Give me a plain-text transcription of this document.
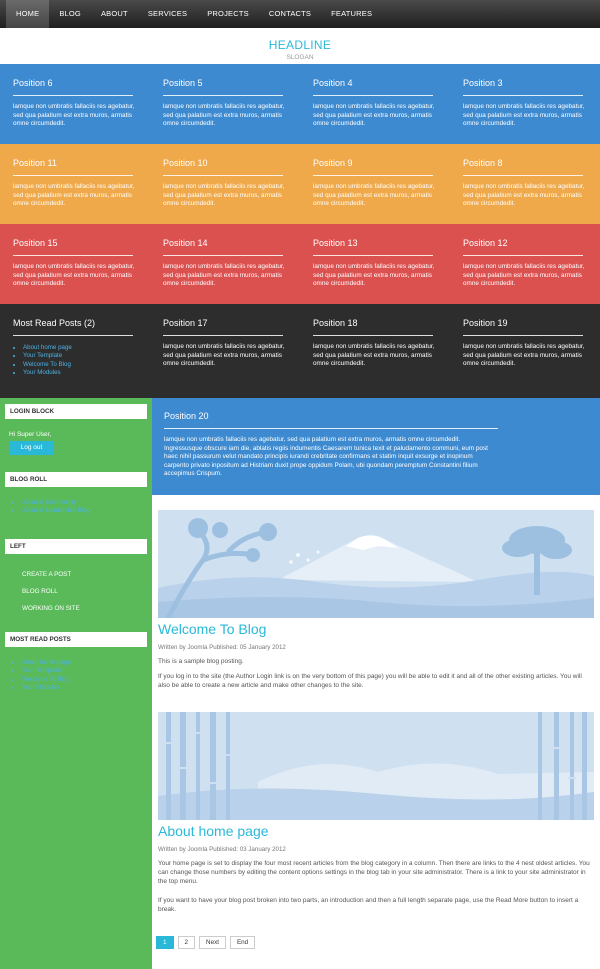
HOME	BLOG	ABOUT	SERVICES	PROJECTS	CONTACTS	FEATURES
HEADLINE
SLOGAN
Position 6
lamque non umbratis fallaciis res agebatur, sed qua palatium est extra muros, armatis omne circumdedit.
Position 5
lamque non umbratis fallaciis res agebatur, sed qua palatium est extra muros, armatis omne circumdedit.
Position 4
lamque non umbratis fallaciis res agebatur, sed qua palatium est extra muros, armatis omne circumdedit.
Position 3
lamque non umbratis fallaciis res agebatur, sed qua palatium est extra muros, armatis omne circumdedit.
Position 11
lamque non umbratis fallaciis res agebatur, sed qua palatium est extra muros, armatis omne circumdedit.
Position 10
lamque non umbratis fallaciis res agebatur, sed qua palatium est extra muros, armatis omne circumdedit.
Position 9
lamque non umbratis fallaciis res agebatur, sed qua palatium est extra muros, armatis omne circumdedit.
Position 8
lamque non umbratis fallaciis res agebatur, sed qua palatium est extra muros, armatis omne circumdedit.
Position 15
lamque non umbratis fallaciis res agebatur, sed qua palatium est extra muros, armatis omne circumdedit.
Position 14
lamque non umbratis fallaciis res agebatur, sed qua palatium est extra muros, armatis omne circumdedit.
Position 13
lamque non umbratis fallaciis res agebatur, sed qua palatium est extra muros, armatis omne circumdedit.
Position 12
lamque non umbratis fallaciis res agebatur, sed qua palatium est extra muros, armatis omne circumdedit.
Most Read Posts (2)
• About home page
• Your Template
• Welcome To Blog
• Your Modules
Position 17
lamque non umbratis fallaciis res agebatur, sed qua palatium est extra muros, armatis omne circumdedit.
Position 18
lamque non umbratis fallaciis res agebatur, sed qua palatium est extra muros, armatis omne circumdedit.
Position 19
lamque non umbratis fallaciis res agebatur, sed qua palatium est extra muros, armatis omne circumdedit.
LOGIN BLOCK
Hi Super User,
Log out
BLOG ROLL
• Joomla! Community
• Joomla! Leadership Blog
LEFT
CREATE A POST
BLOG ROLL
WORKING ON SITE
MOST READ POSTS
• About home page
• Your Template
• Welcome To Blog
• Your Modules
Position 20
lamque non umbratis fallaciis res agebatur, sed qua palatium est extra muros, armatis omne circumdedit. Ingressusque obscure iam die, ablatis regiis indumentis Caesarem tunica texit et paludamento communi, eum post haec nihil passurum velut mandato principis iurandi crebritate confirmans et statim inquit exsurge et inopinum carpento privato inpositum ad Histriam duxit prope oppidum Polam, ubi quondam peremptum Constantini filium accepimus Crispum.
Welcome To Blog
Written by Joomla Published: 05 January 2012
This is a sample blog posting.
If you log in to the site (the Author Login link is on the very bottom of this page) you will be able to edit it and all of the other existing articles. You will also be able to create a new article and make other changes to the site.
About home page
Written by Joomla Published: 03 January 2012
Your home page is set to display the four most recent articles from the blog category in a column. Then there are links to the 4 nest oldest articles. You can change those numbers by editing the content options settings in the blog tab in your site administrator. There is a link to your site administrator in the top menu.
If you want to have your blog post broken into two parts, an introduction and then a full length separate page, use the Read More button to insert a break.
1	2	Next	End
